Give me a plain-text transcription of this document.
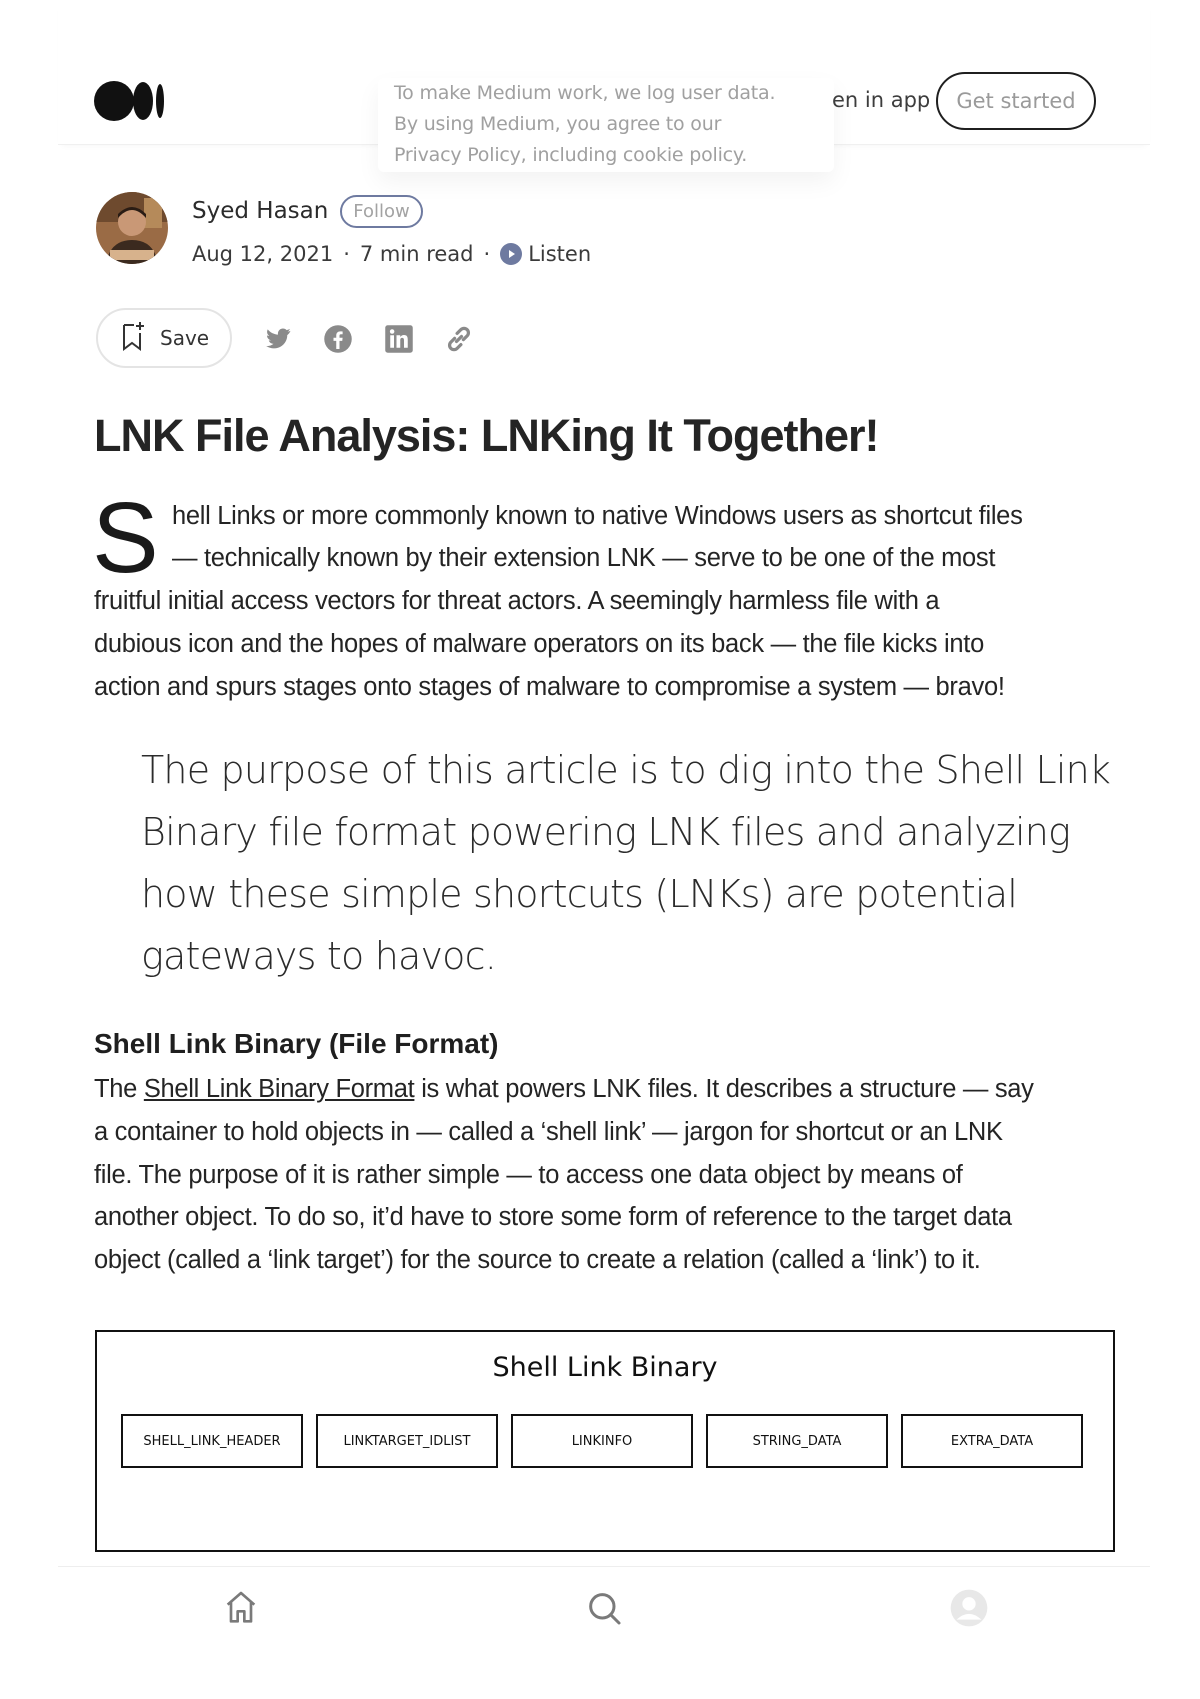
To make Medium work, we log user data.
By using Medium, you agree to our
Privacy Policy, including cookie policy.
en in app	Get started
Syed Hasan	Follow
Aug 12, 2021 · 7 min read · Listen
Save
LNK File Analysis: LNKing It Together!
S hell Links or more commonly known to native Windows users as shortcut files
— technically known by their extension LNK — serve to be one of the most
fruitful initial access vectors for threat actors. A seemingly harmless file with a
dubious icon and the hopes of malware operators on its back — the file kicks into
action and spurs stages onto stages of malware to compromise a system — bravo!
The purpose of this article is to dig into the Shell Link
Binary file format powering LNK files and analyzing
how these simple shortcuts (LNKs) are potential
gateways to havoc.
Shell Link Binary (File Format)
The Shell Link Binary Format is what powers LNK files. It describes a structure — say
a container to hold objects in — called a ‘shell link’ — jargon for shortcut or an LNK
file. The purpose of it is rather simple — to access one data object by means of
another object. To do so, it’d have to store some form of reference to the target data
object (called a ‘link target’) for the source to create a relation (called a ‘link’) to it.
Shell Link Binary
SHELL_LINK_HEADER	LINKTARGET_IDLIST	LINKINFO	STRING_DATA	EXTRA_DATA
